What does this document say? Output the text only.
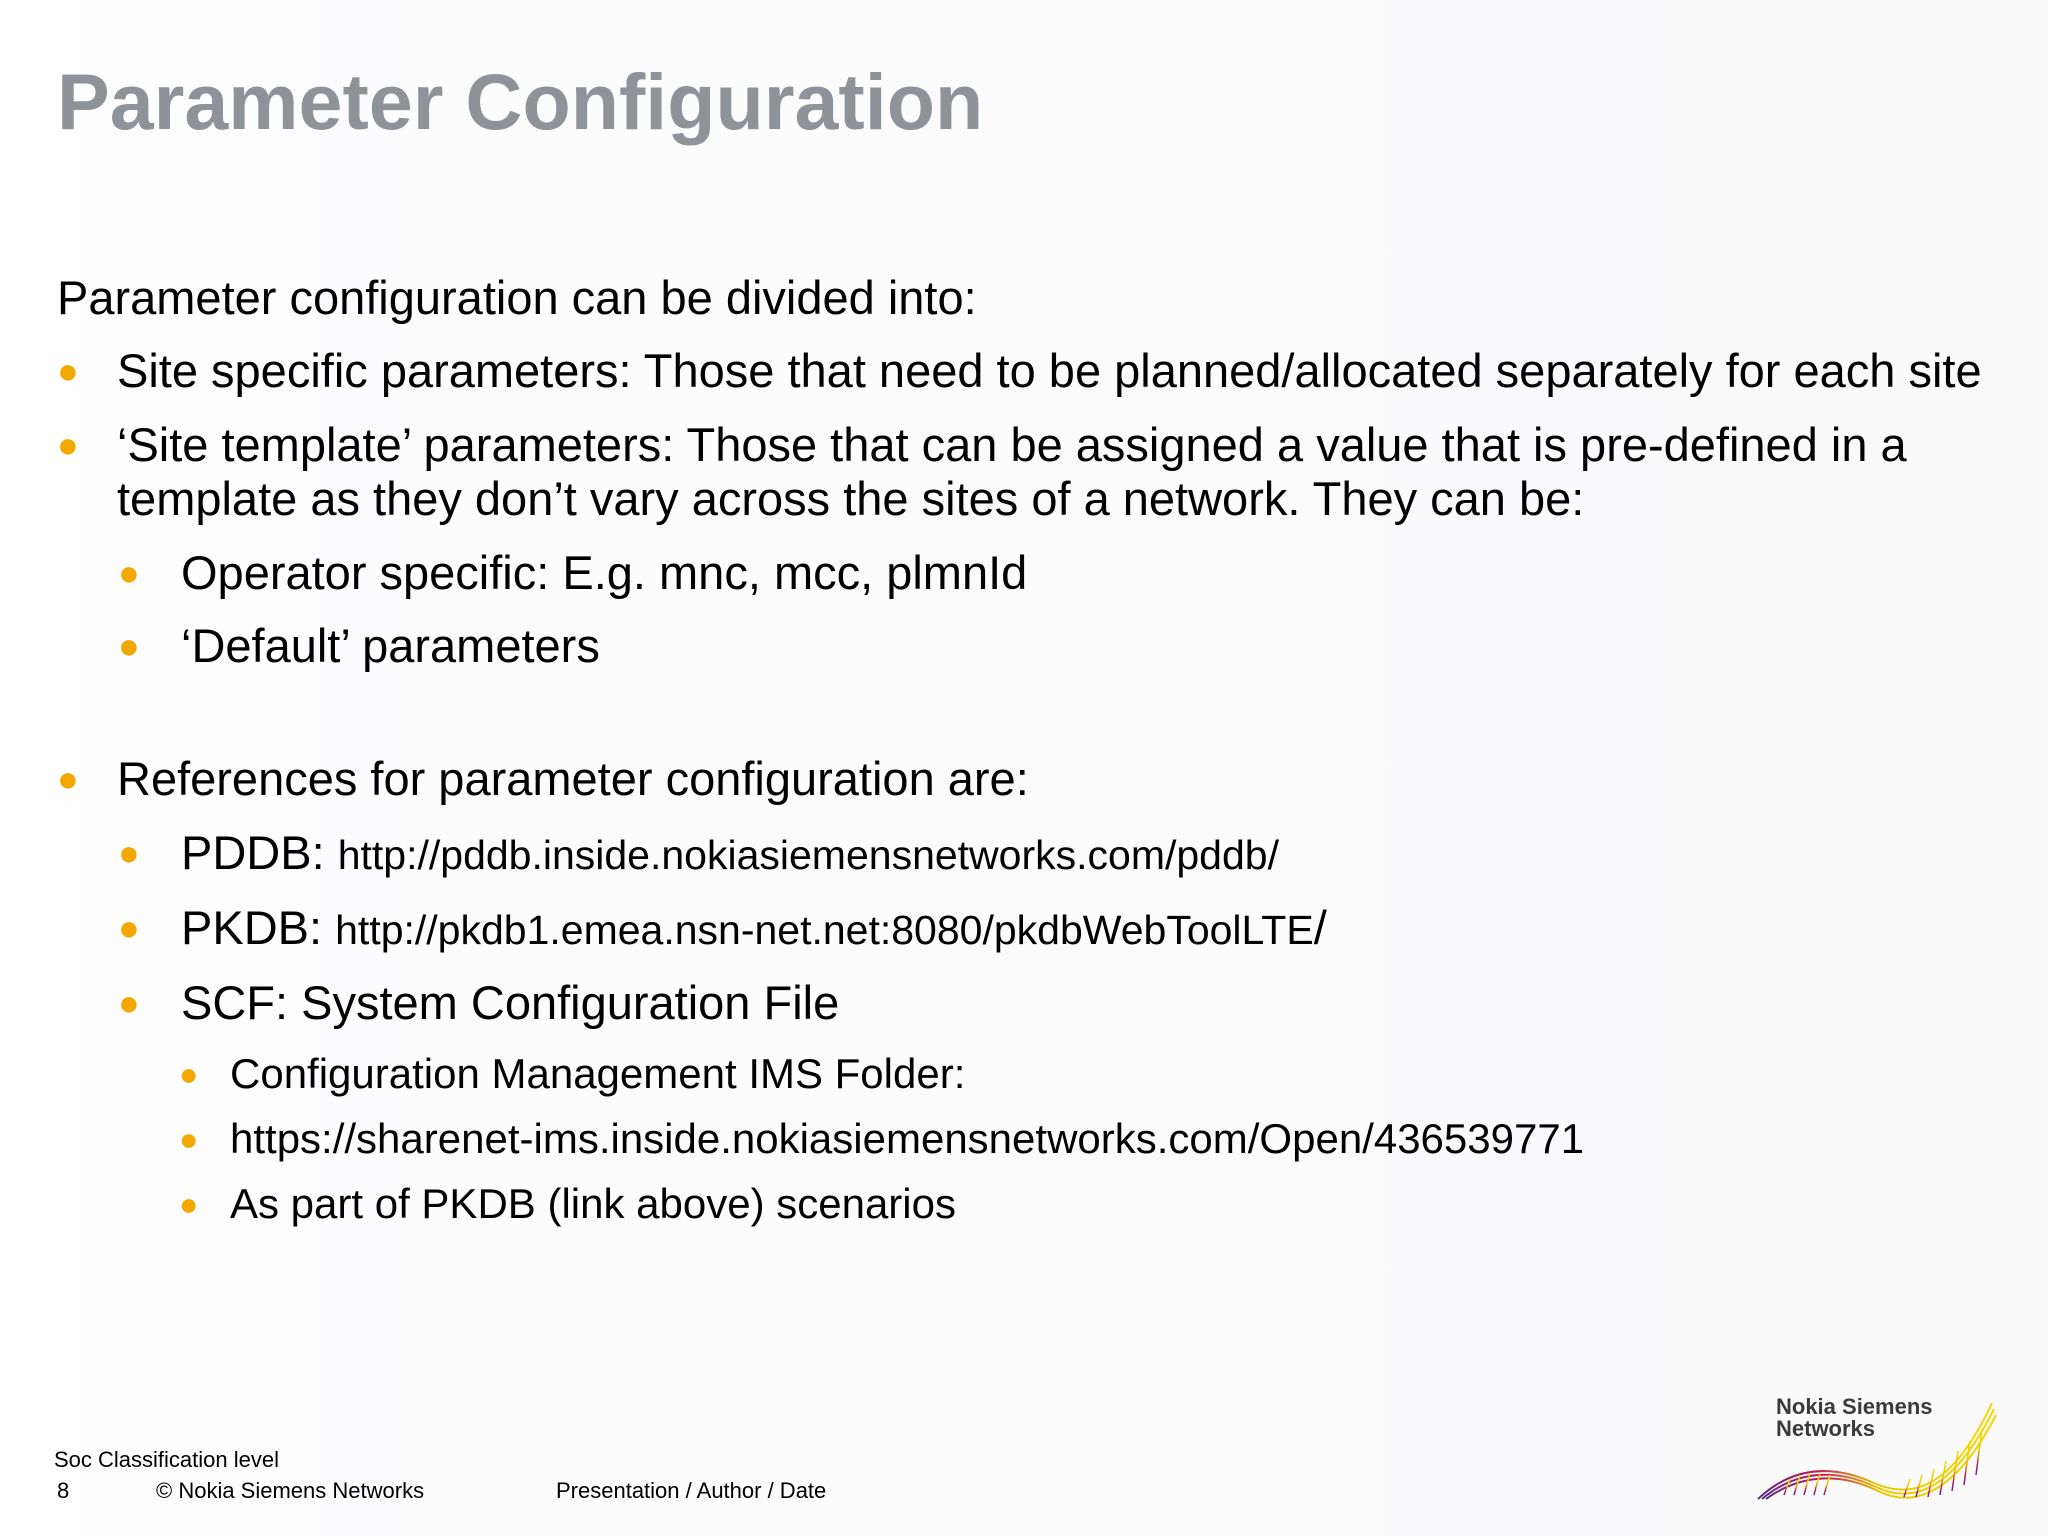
Parameter Configuration
Parameter configuration can be divided into:
● Site specific parameters: Those that need to be planned/allocated separately for each site
● ‘Site template’ parameters: Those that can be assigned a value that is pre-defined in a template as they don’t vary across the sites of a network. They can be:
● Operator specific: E.g. mnc, mcc, plmnId
● ‘Default’ parameters
● References for parameter configuration are:
● PDDB: http://pddb.inside.nokiasiemensnetworks.com/pddb/
● PKDB: http://pkdb1.emea.nsn-net.net:8080/pkdbWebToolLTE/
● SCF: System Configuration File
● Configuration Management IMS Folder:
● https://sharenet-ims.inside.nokiasiemensnetworks.com/Open/436539771
● As part of PKDB (link above) scenarios
Soc Classification level
8	© Nokia Siemens Networks	Presentation / Author / Date
Nokia Siemens
Networks
